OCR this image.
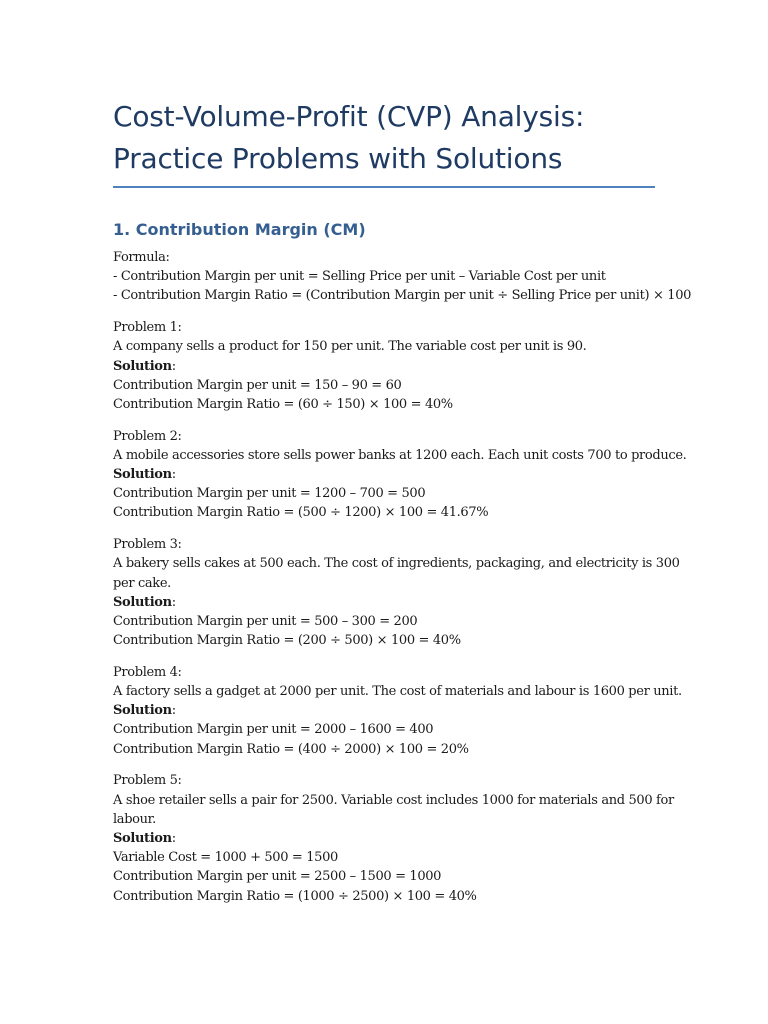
Cost-Volume-Profit (CVP) Analysis:
Practice Problems with Solutions
1. Contribution Margin (CM)
Formula:
- Contribution Margin per unit = Selling Price per unit – Variable Cost per unit
- Contribution Margin Ratio = (Contribution Margin per unit ÷ Selling Price per unit) × 100
Problem 1:
A company sells a product for 150 per unit. The variable cost per unit is 90.
Solution:
Contribution Margin per unit = 150 – 90 = 60
Contribution Margin Ratio = (60 ÷ 150) × 100 = 40%
Problem 2:
A mobile accessories store sells power banks at 1200 each. Each unit costs 700 to produce.
Solution:
Contribution Margin per unit = 1200 – 700 = 500
Contribution Margin Ratio = (500 ÷ 1200) × 100 = 41.67%
Problem 3:
A bakery sells cakes at 500 each. The cost of ingredients, packaging, and electricity is 300
per cake.
Solution:
Contribution Margin per unit = 500 – 300 = 200
Contribution Margin Ratio = (200 ÷ 500) × 100 = 40%
Problem 4:
A factory sells a gadget at 2000 per unit. The cost of materials and labour is 1600 per unit.
Solution:
Contribution Margin per unit = 2000 – 1600 = 400
Contribution Margin Ratio = (400 ÷ 2000) × 100 = 20%
Problem 5:
A shoe retailer sells a pair for 2500. Variable cost includes 1000 for materials and 500 for
labour.
Solution:
Variable Cost = 1000 + 500 = 1500
Contribution Margin per unit = 2500 – 1500 = 1000
Contribution Margin Ratio = (1000 ÷ 2500) × 100 = 40%
